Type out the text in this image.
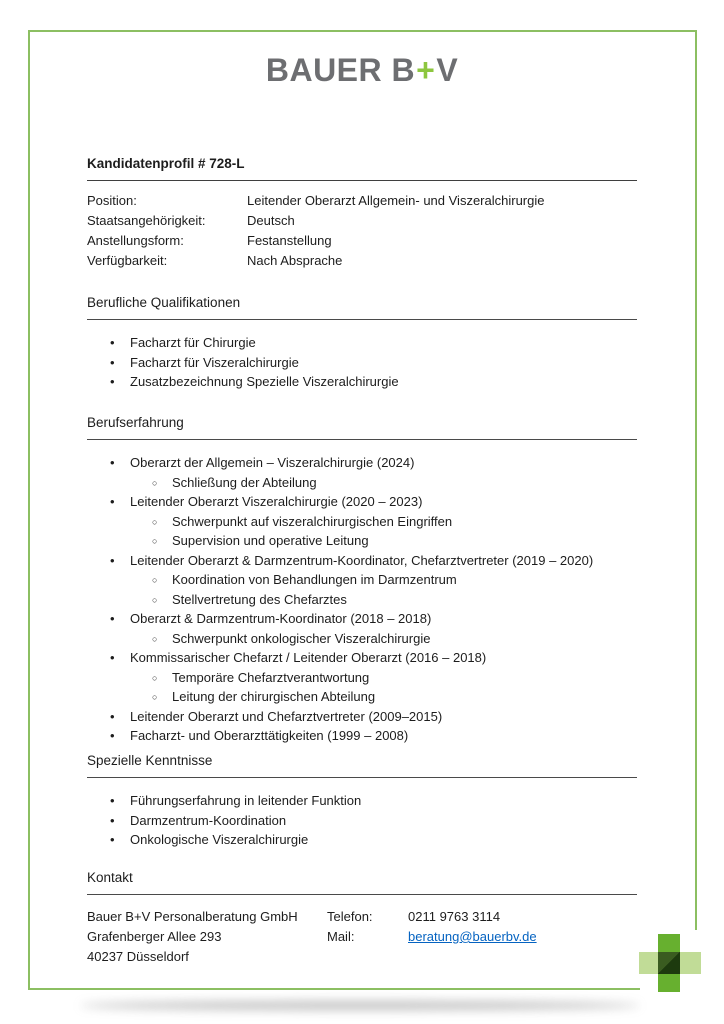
BAUER B+V
Kandidatenprofil # 728-L
Position:	Leitender Oberarzt Allgemein- und Viszeralchirurgie
Staatsangehörigkeit:	Deutsch
Anstellungsform:	Festanstellung
Verfügbarkeit:	Nach Absprache
Berufliche Qualifikationen
• Facharzt für Chirurgie
• Facharzt für Viszeralchirurgie
• Zusatzbezeichnung Spezielle Viszeralchirurgie
Berufserfahrung
• Oberarzt der Allgemein – Viszeralchirurgie (2024)
○ Schließung der Abteilung
• Leitender Oberarzt Viszeralchirurgie (2020 – 2023)
○ Schwerpunkt auf viszeralchirurgischen Eingriffen
○ Supervision und operative Leitung
• Leitender Oberarzt & Darmzentrum-Koordinator, Chefarztvertreter (2019 – 2020)
○ Koordination von Behandlungen im Darmzentrum
○ Stellvertretung des Chefarztes
• Oberarzt & Darmzentrum-Koordinator (2018 – 2018)
○ Schwerpunkt onkologischer Viszeralchirurgie
• Kommissarischer Chefarzt / Leitender Oberarzt (2016 – 2018)
○ Temporäre Chefarztverantwortung
○ Leitung der chirurgischen Abteilung
• Leitender Oberarzt und Chefarztvertreter (2009–2015)
• Facharzt- und Oberarzttätigkeiten (1999 – 2008)
Spezielle Kenntnisse
• Führungserfahrung in leitender Funktion
• Darmzentrum-Koordination
• Onkologische Viszeralchirurgie
Kontakt
Bauer B+V Personalberatung GmbH
Grafenberger Allee 293
40237 Düsseldorf
Telefon:	0211 9763 3114
Mail:	beratung@bauerbv.de
